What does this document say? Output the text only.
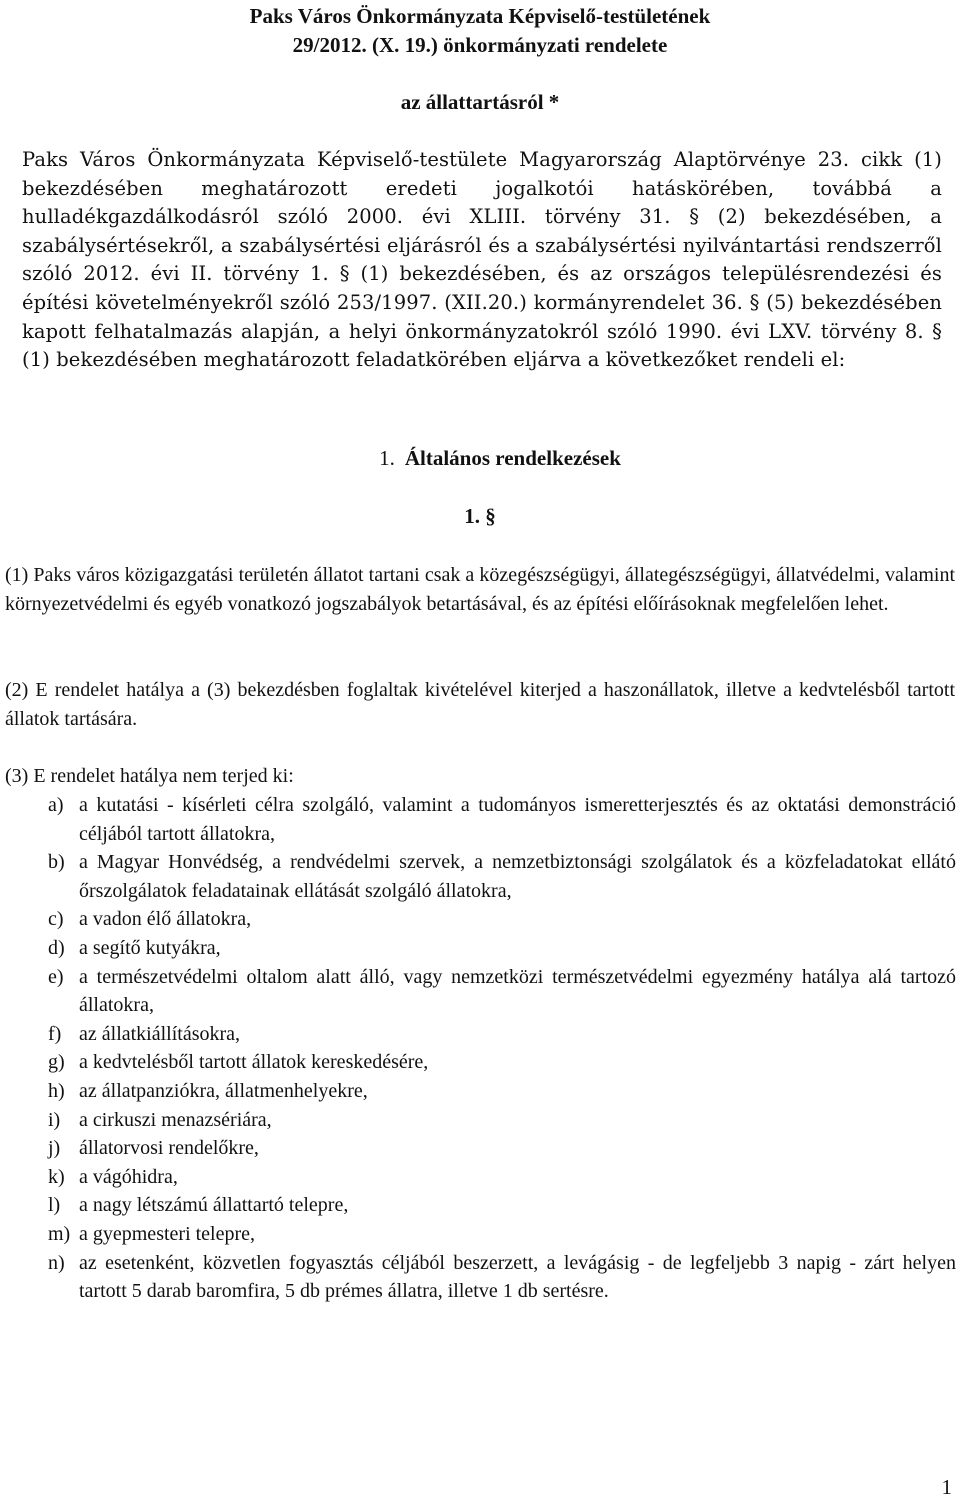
Paks Város Önkormányzata Képviselő-testületének
29/2012. (X. 19.) önkormányzati rendelete
az állattartásról *
Paks Város Önkormányzata Képviselő-testülete Magyarország Alaptörvénye 23. cikk (1) bekezdésében meghatározott eredeti jogalkotói hatáskörében, továbbá a hulladékgazdálkodásról szóló 2000. évi XLIII. törvény 31. § (2) bekezdésében, a szabálysértésekről, a szabálysértési eljárásról és a szabálysértési nyilvántartási rendszerről szóló 2012. évi II. törvény 1. § (1) bekezdésében, és az országos településrendezési és építési követelményekről szóló 253/1997. (XII.20.) kormányrendelet 36. § (5) bekezdésében kapott felhatalmazás alapján, a helyi önkormányzatokról szóló 1990. évi LXV. törvény 8. § (1) bekezdésében meghatározott feladatkörében eljárva a következőket rendeli el:
1. Általános rendelkezések
1. §
(1) Paks város közigazgatási területén állatot tartani csak a közegészségügyi, állategészségügyi, állatvédelmi, valamint környezetvédelmi és egyéb vonatkozó jogszabályok betartásával, és az építési előírásoknak megfelelően lehet.
(2) E rendelet hatálya a (3) bekezdésben foglaltak kivételével kiterjed a haszonállatok, illetve a kedvtelésből tartott állatok tartására.
(3) E rendelet hatálya nem terjed ki:
a) a kutatási - kísérleti célra szolgáló, valamint a tudományos ismeretterjesztés és az oktatási demonstráció céljából tartott állatokra,
b) a Magyar Honvédség, a rendvédelmi szervek, a nemzetbiztonsági szolgálatok és a közfeladatokat ellátó őrszolgálatok feladatainak ellátását szolgáló állatokra,
c) a vadon élő állatokra,
d) a segítő kutyákra,
e) a természetvédelmi oltalom alatt álló, vagy nemzetközi természetvédelmi egyezmény hatálya alá tartozó állatokra,
f) az állatkiállításokra,
g) a kedvtelésből tartott állatok kereskedésére,
h) az állatpanziókra, állatmenhelyekre,
i) a cirkuszi menazsériára,
j) állatorvosi rendelőkre,
k) a vágóhidra,
l) a nagy létszámú állattartó telepre,
m) a gyepmesteri telepre,
n) az esetenként, közvetlen fogyasztás céljából beszerzett, a levágásig - de legfeljebb 3 napig - zárt helyen tartott 5 darab baromfira, 5 db prémes állatra, illetve 1 db sertésre.
1
